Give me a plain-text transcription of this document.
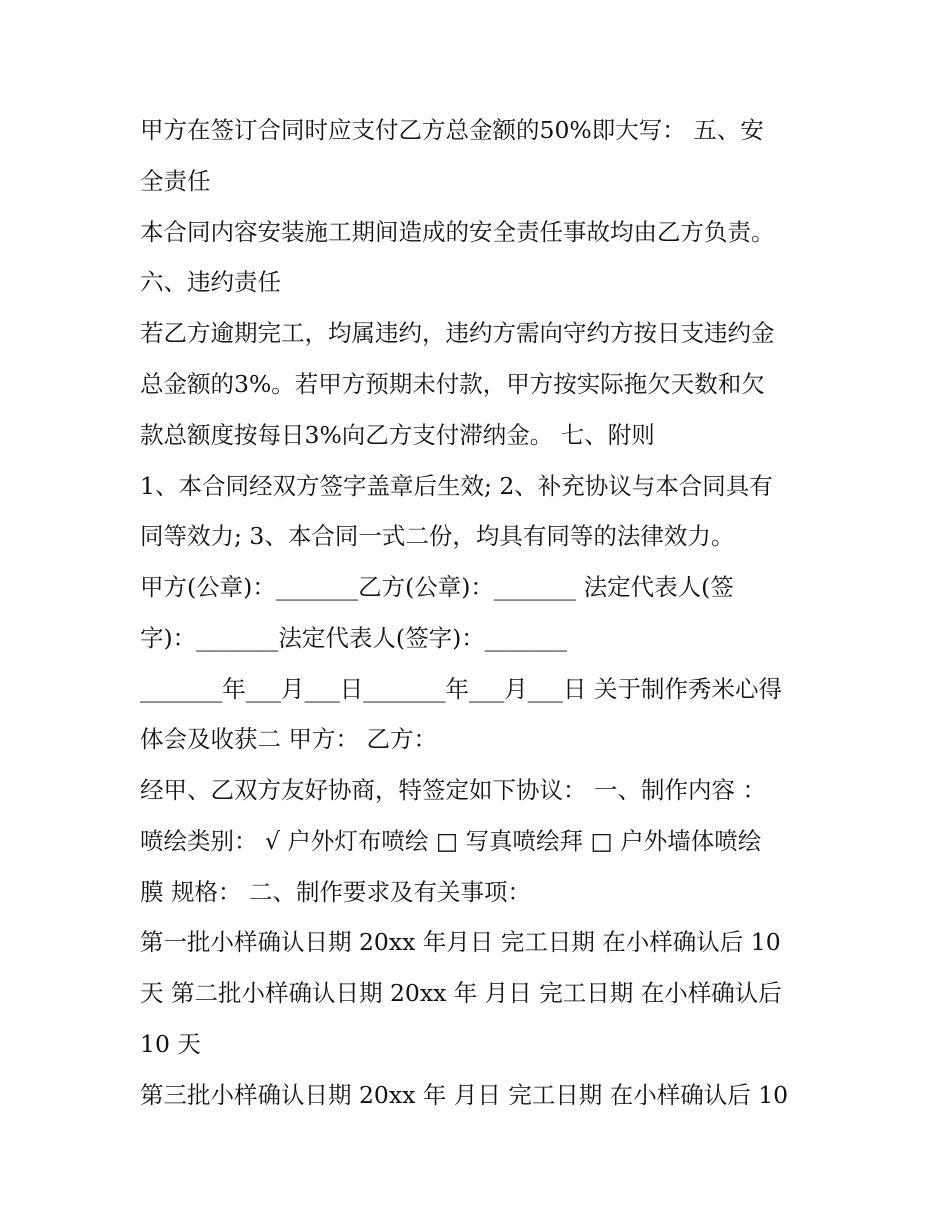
甲方在签订合同时应支付乙方总金额的50%即大写： 五、安
全责任
本合同内容安装施工期间造成的安全责任事故均由乙方负责。
六、违约责任
若乙方逾期完工，均属违约，违约方需向守约方按日支违约金
总金额的3%。若甲方预期未付款，甲方按实际拖欠天数和欠
款总额度按每日3%向乙方支付滞纳金。 七、附则
1、本合同经双方签字盖章后生效; 2、补充协议与本合同具有
同等效力; 3、本合同一式二份，均具有同等的法律效力。
甲方(公章)：_______乙方(公章)：_______ 法定代表人(签
字)：_______法定代表人(签字)：_______
_______年___月___日_______年___月___日 关于制作秀米心得
体会及收获二 甲方： 乙方：
经甲、乙双方友好协商，特签定如下协议： 一、制作内容 ：
喷绘类别： √ 户外灯布喷绘 □ 写真喷绘拜 □ 户外墙体喷绘
膜 规格： 二、制作要求及有关事项：
第一批小样确认日期 20xx 年月日 完工日期 在小样确认后 10
天 第二批小样确认日期 20xx 年 月日 完工日期 在小样确认后
10 天
第三批小样确认日期 20xx 年 月日 完工日期 在小样确认后 10
